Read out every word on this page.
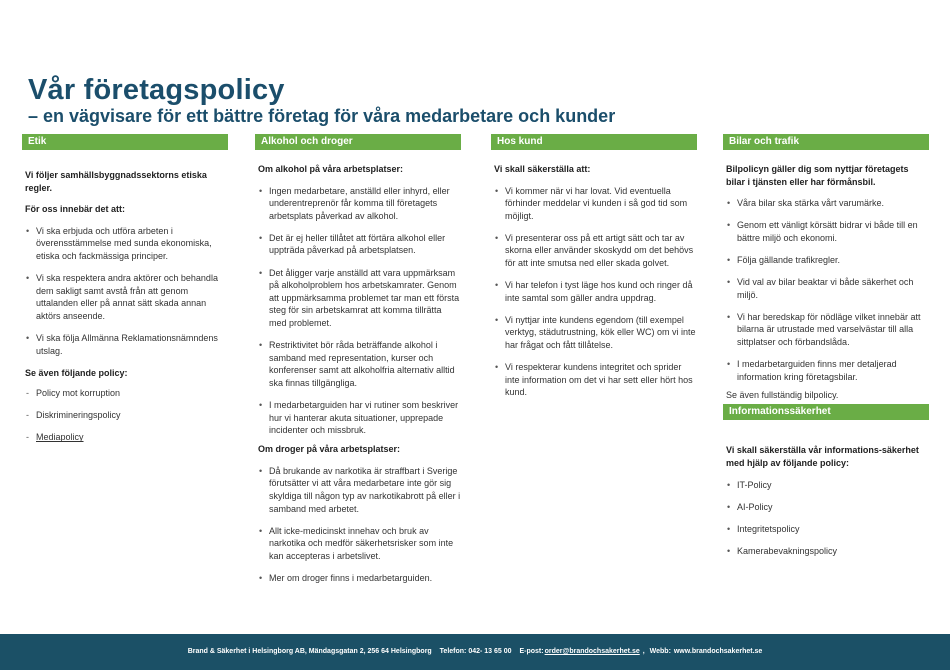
Vår företagspolicy
– en vägvisare för ett bättre företag för våra medarbetare och kunder
Etik

Vi följer samhällsbyggnadssektorns etiska regler.

För oss innebär det att:

• Vi ska erbjuda och utföra arbeten i överensstämmelse med sunda ekonomiska, etiska och fackmässiga principer.
• Vi ska respektera andra aktörer och behandla dem sakligt samt avstå från att genom uttalanden eller på annat sätt skada annan aktörs anseende.
• Vi ska följa Allmänna Reklamationsnämndens utslag.

Se även följande policy:

- Policy mot korruption
- Diskrimineringspolicy
- Mediapolicy
Alkohol och droger

Om alkohol på våra arbetsplatser:

• Ingen medarbetare, anställd eller inhyrd, eller underentreprenör får komma till företagets arbetsplats påverkad av alkohol.
• Det är ej heller tillåtet att förtära alkohol eller uppträda påverkad på arbetsplatsen.
• Det åligger varje anställd att vara uppmärksam på alkoholproblem hos arbetskamrater. Genom att uppmärksamma problemet tar man ett första steg för sin arbetskamrat att komma tillrätta med problemet.
• Restriktivitet bör råda beträffande alkohol i samband med representation, kurser och konferenser samt att alkoholfria alternativ alltid ska finnas tillgängliga.
• I medarbetarguiden har vi rutiner som beskriver hur vi hanterar akuta situationer, upprepade incidenter och missbruk.

Om droger på våra arbetsplatser:

• Då brukande av narkotika är straffbart i Sverige förutsätter vi att våra medarbetare inte gör sig skyldiga till någon typ av narkotikabrott på eller i samband med arbetet.
• Allt icke-medicinskt innehav och bruk av narkotika och medför säkerhetsrisker som inte kan accepteras i arbetslivet.
• Mer om droger finns i medarbetarguiden.
Hos kund

Vi skall säkerställa att:

• Vi kommer när vi har lovat. Vid eventuella förhinder meddelar vi kunden i så god tid som möjligt.
• Vi presenterar oss på ett artigt sätt och tar av skorna eller använder skoskydd om det behövs för att inte smutsa ned eller skada golvet.
• Vi har telefon i tyst läge hos kund och ringer då inte samtal som gäller andra uppdrag.
• Vi nyttjar inte kundens egendom (till exempel verktyg, städutrustning, kök eller WC) om vi inte har frågat och fått tillåtelse.
• Vi respekterar kundens integritet och sprider inte information om det vi har sett eller hört hos kund.
Bilar och trafik

Bilpolicyn gäller dig som nyttjar företagets bilar i tjänsten eller har förmånsbil.

• Våra bilar ska stärka vårt varumärke.
• Genom ett vänligt körsätt bidrar vi både till en bättre miljö och ekonomi.
• Följa gällande trafikregler.
• Vid val av bilar beaktar vi både säkerhet och miljö.
• Vi har beredskap för nödläge vilket innebär att bilarna är utrustade med varselvästar till alla sittplatser och förbandslåda.
• I medarbetarguiden finns mer detaljerad information kring företagsbilar.

Se även fullständig bilpolicy.

Informationssäkerhet

Vi skall säkerställa vår informations-säkerhet med hjälp av följande policy:

• IT-Policy
• AI-Policy
• Integritetspolicy
• Kamerabevakningspolicy
Brand & Säkerhet i Helsingborg AB, Mändagsgatan 2, 256 64 Helsingborg Telefon: 042- 13 65 00 E-post:order@brandochsakerhet.se , Webb: www.brandochsakerhet.se
